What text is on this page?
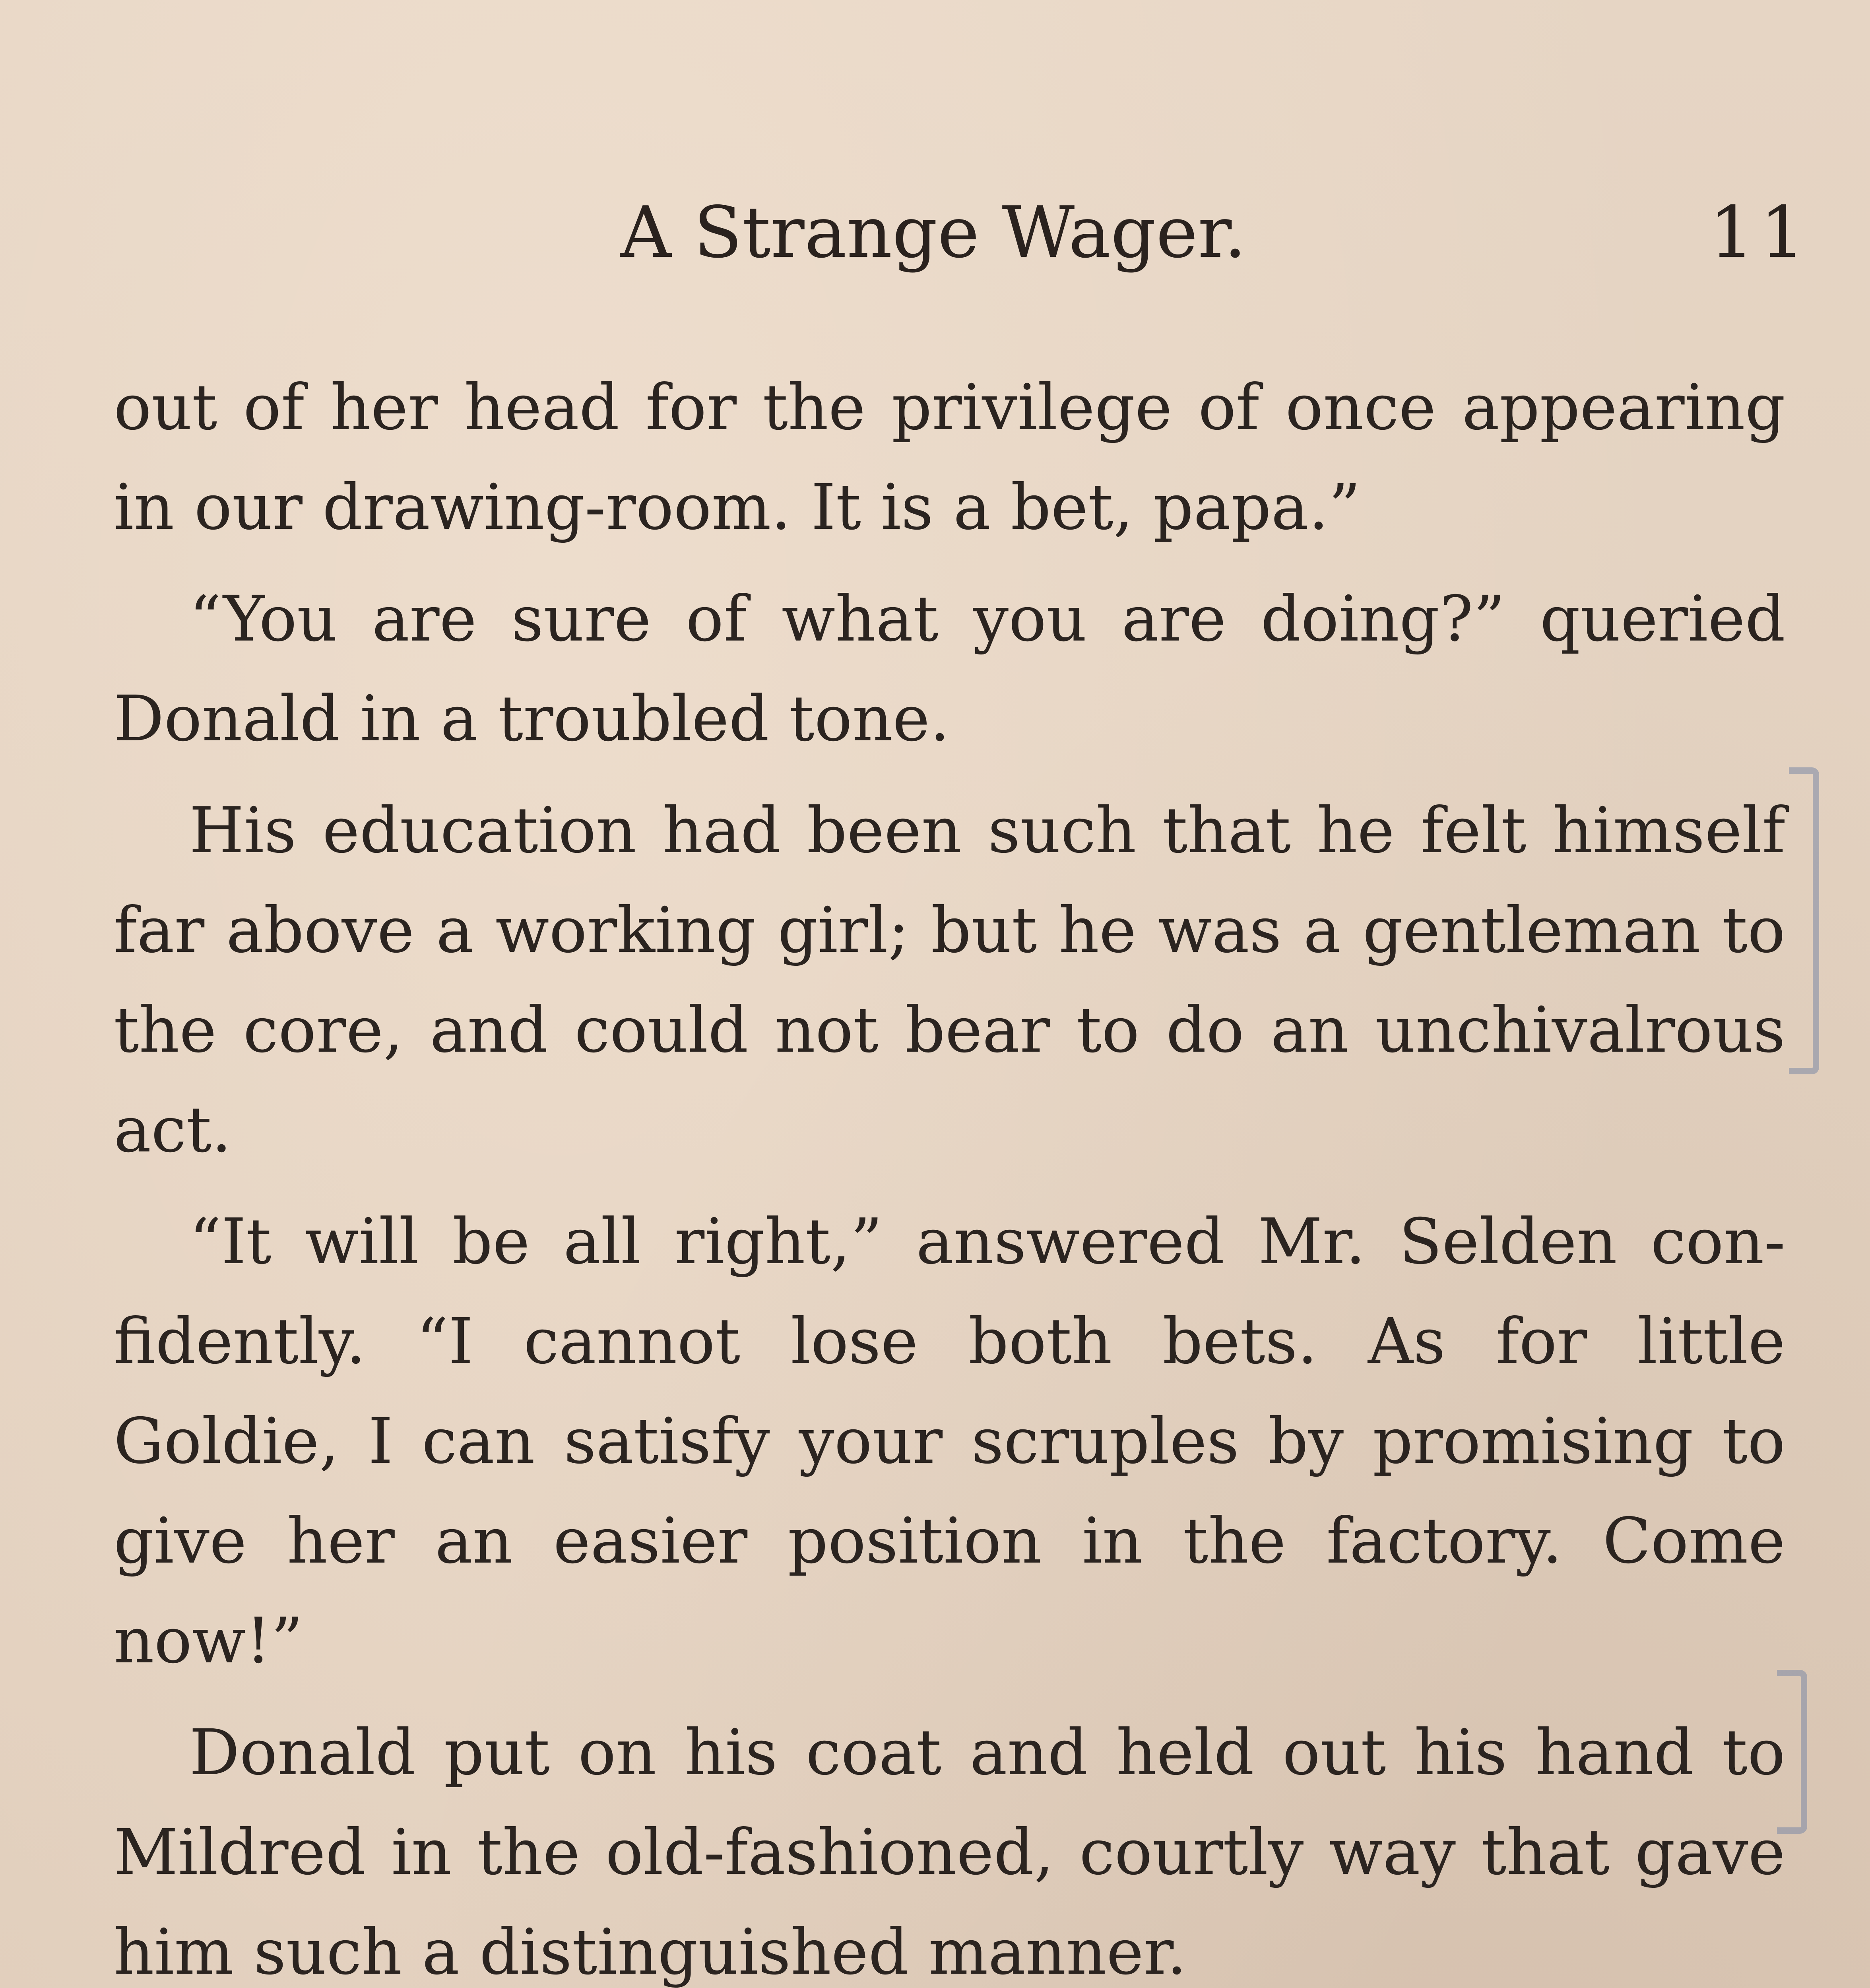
A Strange Wager.	11

out of her head for the privilege of once appearing in our drawing-room. It is a bet, papa.”

“You are sure of what you are doing?” queried Donald in a troubled tone.

His education had been such that he felt himself far above a working girl; but he was a gentleman to the core, and could not bear to do an unchivalrous act.

“It will be all right,” answered Mr. Selden confidently. “I cannot lose both bets. As for little Goldie, I can satisfy your scruples by promising to give her an easier position in the factory. Come now!”

Donald put on his coat and held out his hand to Mildred in the old-fashioned, courtly way that gave him such a distinguished manner.
